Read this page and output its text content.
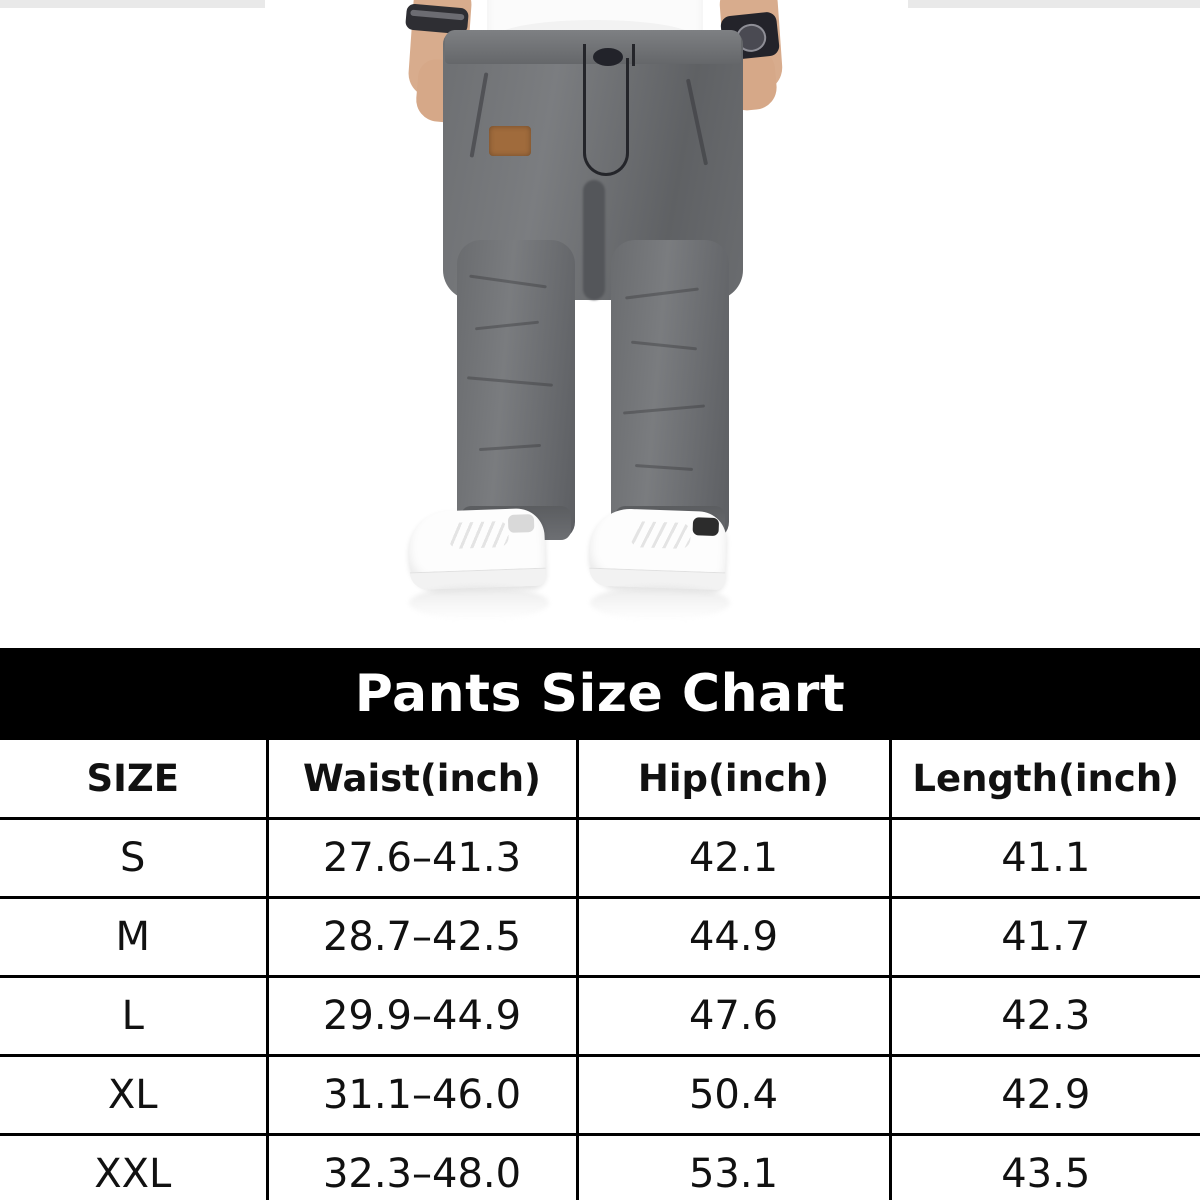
Pants Size Chart
SIZE	Waist(inch)	Hip(inch)	Length(inch)
S	27.6–41.3	42.1	41.1
M	28.7–42.5	44.9	41.7
L	29.9–44.9	47.6	42.3
XL	31.1–46.0	50.4	42.9
XXL	32.3–48.0	53.1	43.5
